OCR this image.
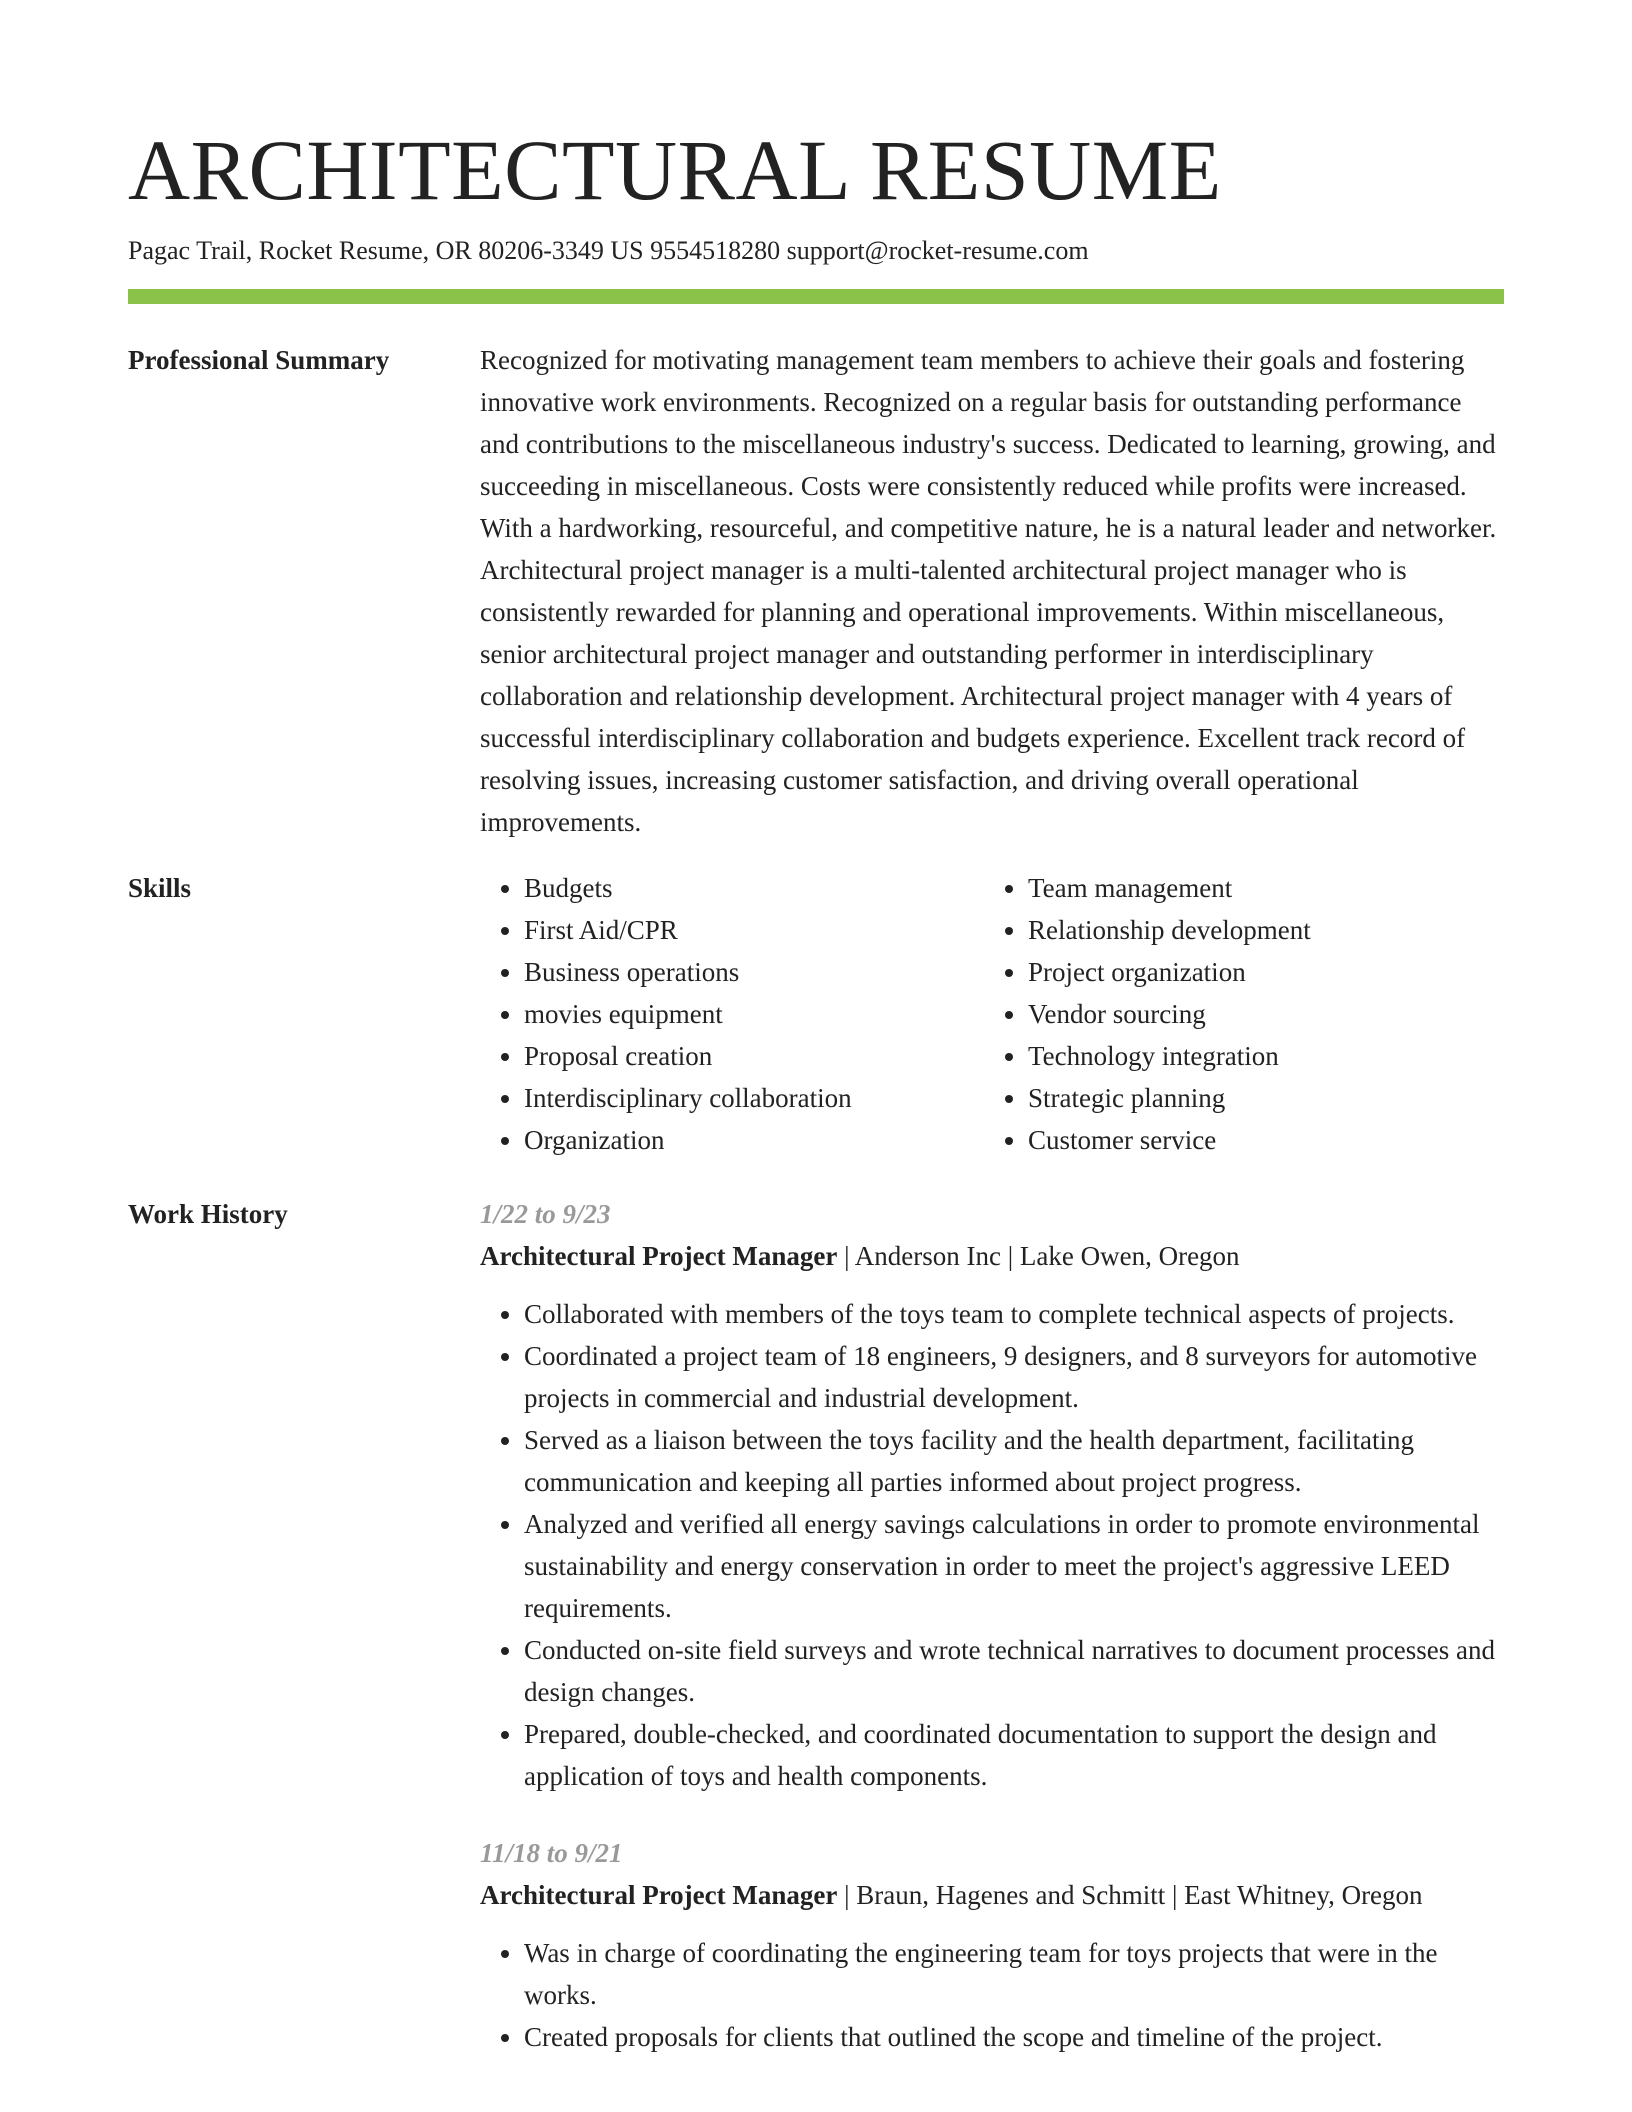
ARCHITECTURAL RESUME
Pagac Trail, Rocket Resume, OR 80206-3349 US 9554518280 support@rocket-resume.com
Professional Summary	Recognized for motivating management team members to achieve their goals and fostering innovative work environments. Recognized on a regular basis for outstanding performance and contributions to the miscellaneous industry's success. Dedicated to learning, growing, and succeeding in miscellaneous. Costs were consistently reduced while profits were increased. With a hardworking, resourceful, and competitive nature, he is a natural leader and networker. Architectural project manager is a multi-talented architectural project manager who is consistently rewarded for planning and operational improvements. Within miscellaneous, senior architectural project manager and outstanding performer in interdisciplinary collaboration and relationship development. Architectural project manager with 4 years of successful interdisciplinary collaboration and budgets experience. Excellent track record of resolving issues, increasing customer satisfaction, and driving overall operational improvements.

Skills
•	Budgets
• First Aid/CPR
• Business operations
• movies equipment
• Proposal creation
• Interdisciplinary collaboration
• Organization
• Team management
• Relationship development
• Project organization
• Vendor sourcing
• Technology integration
• Strategic planning
• Customer service
Work History	1/22 to 9/23
Architectural Project Manager | Anderson Inc | Lake Owen, Oregon
• Collaborated with members of the toys team to complete technical aspects of projects.
• Coordinated a project team of 18 engineers, 9 designers, and 8 surveyors for automotive projects in commercial and industrial development.
• Served as a liaison between the toys facility and the health department, facilitating communication and keeping all parties informed about project progress.
• Analyzed and verified all energy savings calculations in order to promote environmental sustainability and energy conservation in order to meet the project's aggressive LEED requirements.
• Conducted on-site field surveys and wrote technical narratives to document processes and design changes.
• Prepared, double-checked, and coordinated documentation to support the design and application of toys and health components.
11/18 to 9/21
Architectural Project Manager | Braun, Hagenes and Schmitt | East Whitney, Oregon
• Was in charge of coordinating the engineering team for toys projects that were in the works.
• Created proposals for clients that outlined the scope and timeline of the project.
